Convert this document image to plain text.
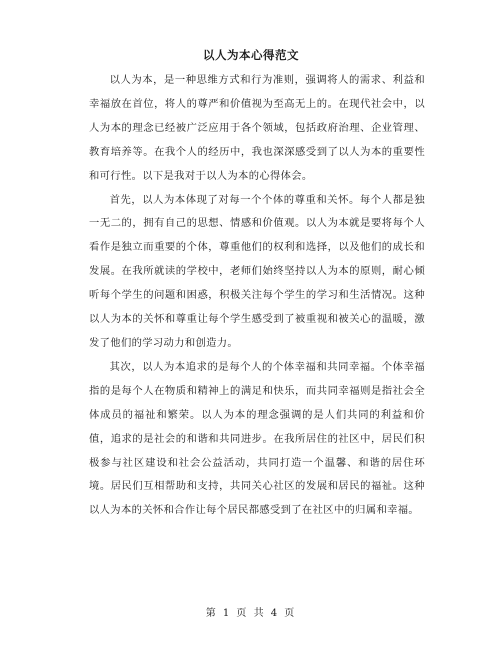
以人为本心得范文

以人为本，是一种思维方式和行为准则，强调将人的需求、利益和幸福放在首位，将人的尊严和价值视为至高无上的。在现代社会中，以人为本的理念已经被广泛应用于各个领域，包括政府治理、企业管理、教育培养等。在我个人的经历中，我也深深感受到了以人为本的重要性和可行性。以下是我对于以人为本的心得体会。

首先，以人为本体现了对每一个个体的尊重和关怀。每个人都是独一无二的，拥有自己的思想、情感和价值观。以人为本就是要将每个人看作是独立而重要的个体，尊重他们的权利和选择，以及他们的成长和发展。在我所就读的学校中，老师们始终坚持以人为本的原则，耐心倾听每个学生的问题和困惑，积极关注每个学生的学习和生活情况。这种以人为本的关怀和尊重让每个学生感受到了被重视和被关心的温暖，激发了他们的学习动力和创造力。

其次，以人为本追求的是每个人的个体幸福和共同幸福。个体幸福指的是每个人在物质和精神上的满足和快乐，而共同幸福则是指社会全体成员的福祉和繁荣。以人为本的理念强调的是人们共同的利益和价值，追求的是社会的和谐和共同进步。在我所居住的社区中，居民们积极参与社区建设和社会公益活动，共同打造一个温馨、和谐的居住环境。居民们互相帮助和支持，共同关心社区的发展和居民的福祉。这种以人为本的关怀和合作让每个居民都感受到了在社区中的归属和幸福。

第 1 页 共 4 页
